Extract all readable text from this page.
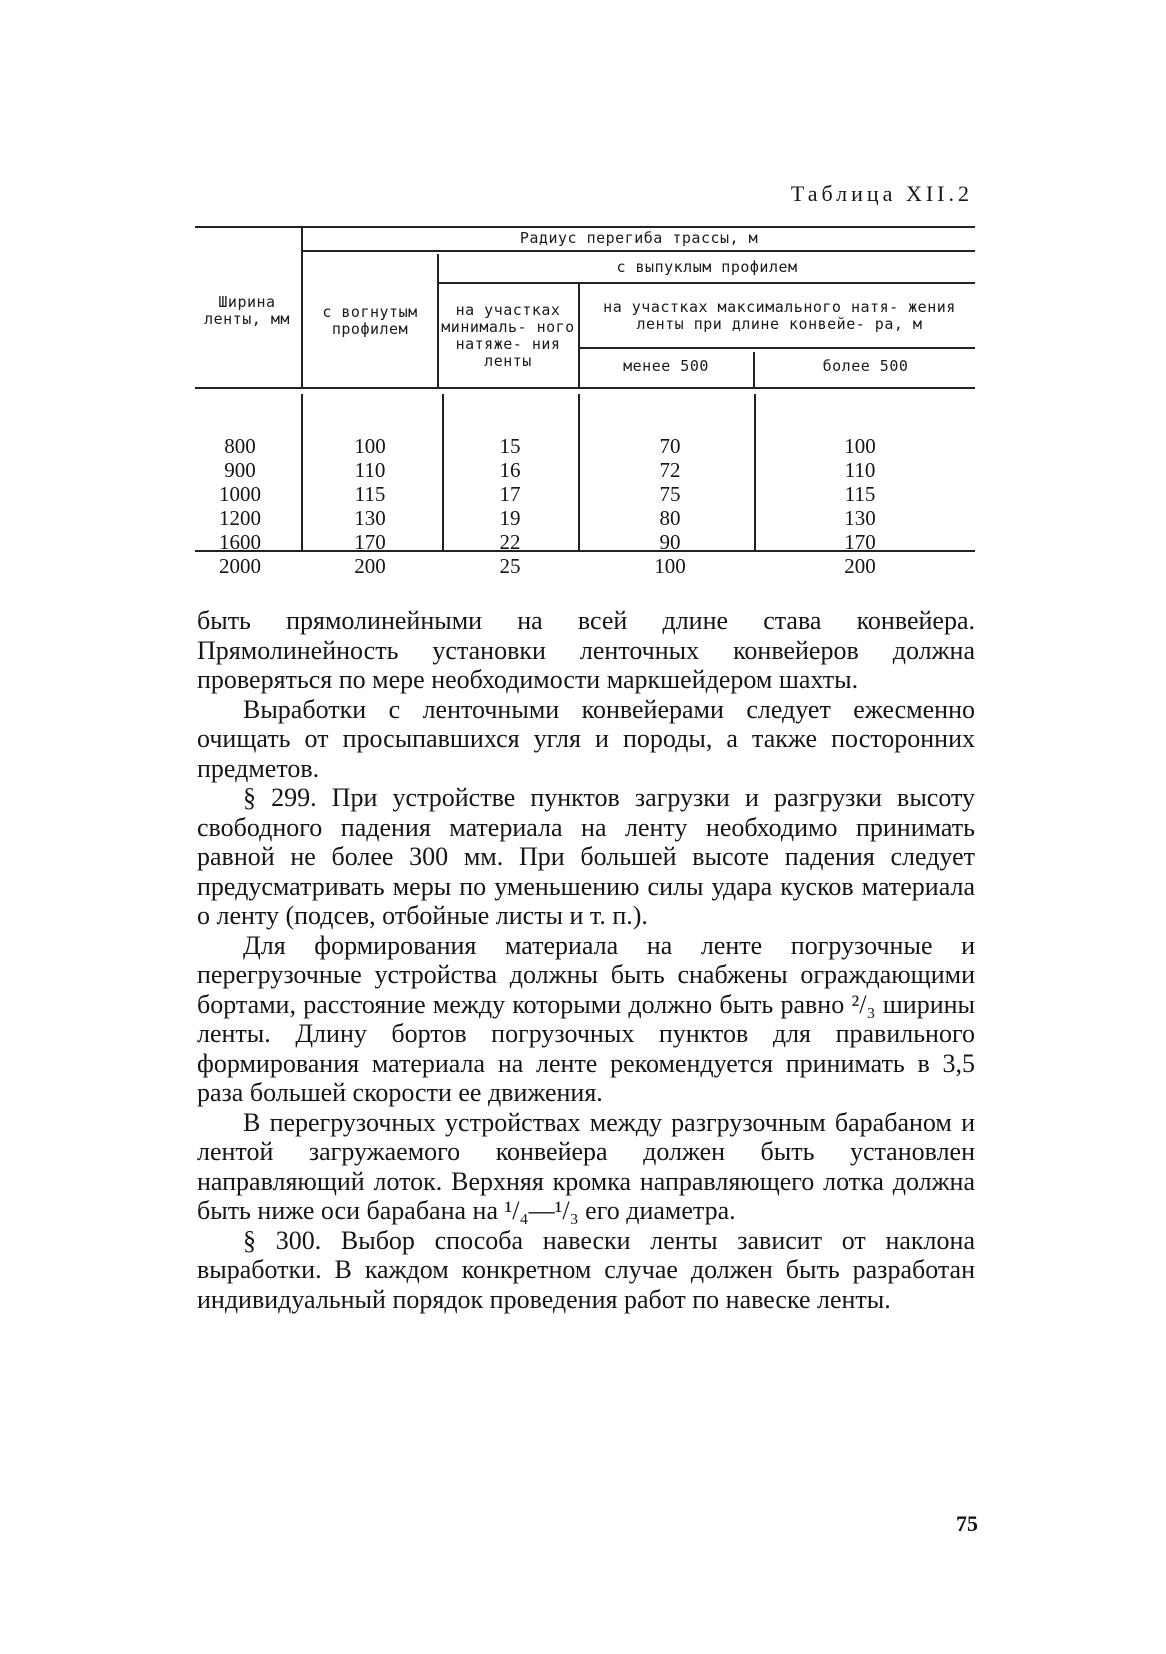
Таблица XII.2
Ширина ленты, мм
Радиус перегиба трассы, м
с вогнутым профилем
с выпуклым профилем
на участках минималь- ного натяже- ния ленты
на участках максимального натя- жения ленты при длине конвейе- ра, м
менее 500	более 500
800
900
1000
1200
1600
2000
100
110
115
130
170
200
15
16
17
19
22
25
70
72
75
80
90
100
100
110
115
130
170
200

быть прямолинейными на всей длине става конвейера. Прямолинейность установки ленточных конвейеров должна проверяться по мере необходимости маркшейдером шахты.

Выработки с ленточными конвейерами следует ежесменно очищать от просыпавшихся угля и породы, а также посторонних предметов.

§ 299. При устройстве пунктов загрузки и разгрузки высоту свободного падения материала на ленту необходимо принимать равной не более 300 мм. При большей высоте падения следует предусматривать меры по уменьшению силы удара кусков материала о ленту (подсев, отбойные листы и т. п.).

Для формирования материала на ленте погрузочные и перегрузочные устройства должны быть снабжены ограждающими бортами, расстояние между которыми должно быть равно ²/₃ ширины ленты. Длину бортов погрузочных пунктов для правильного формирования материала на ленте рекомендуется принимать в 3,5 раза большей скорости ее движения.

В перегрузочных устройствах между разгрузочным барабаном и лентой загружаемого конвейера должен быть установлен направляющий лоток. Верхняя кромка направляющего лотка должна быть ниже оси барабана на ¹/₄—¹/₃ его диаметра.

§ 300. Выбор способа навески ленты зависит от наклона выработки. В каждом конкретном случае должен быть разработан индивидуальный порядок проведения работ по навеске ленты.

75
